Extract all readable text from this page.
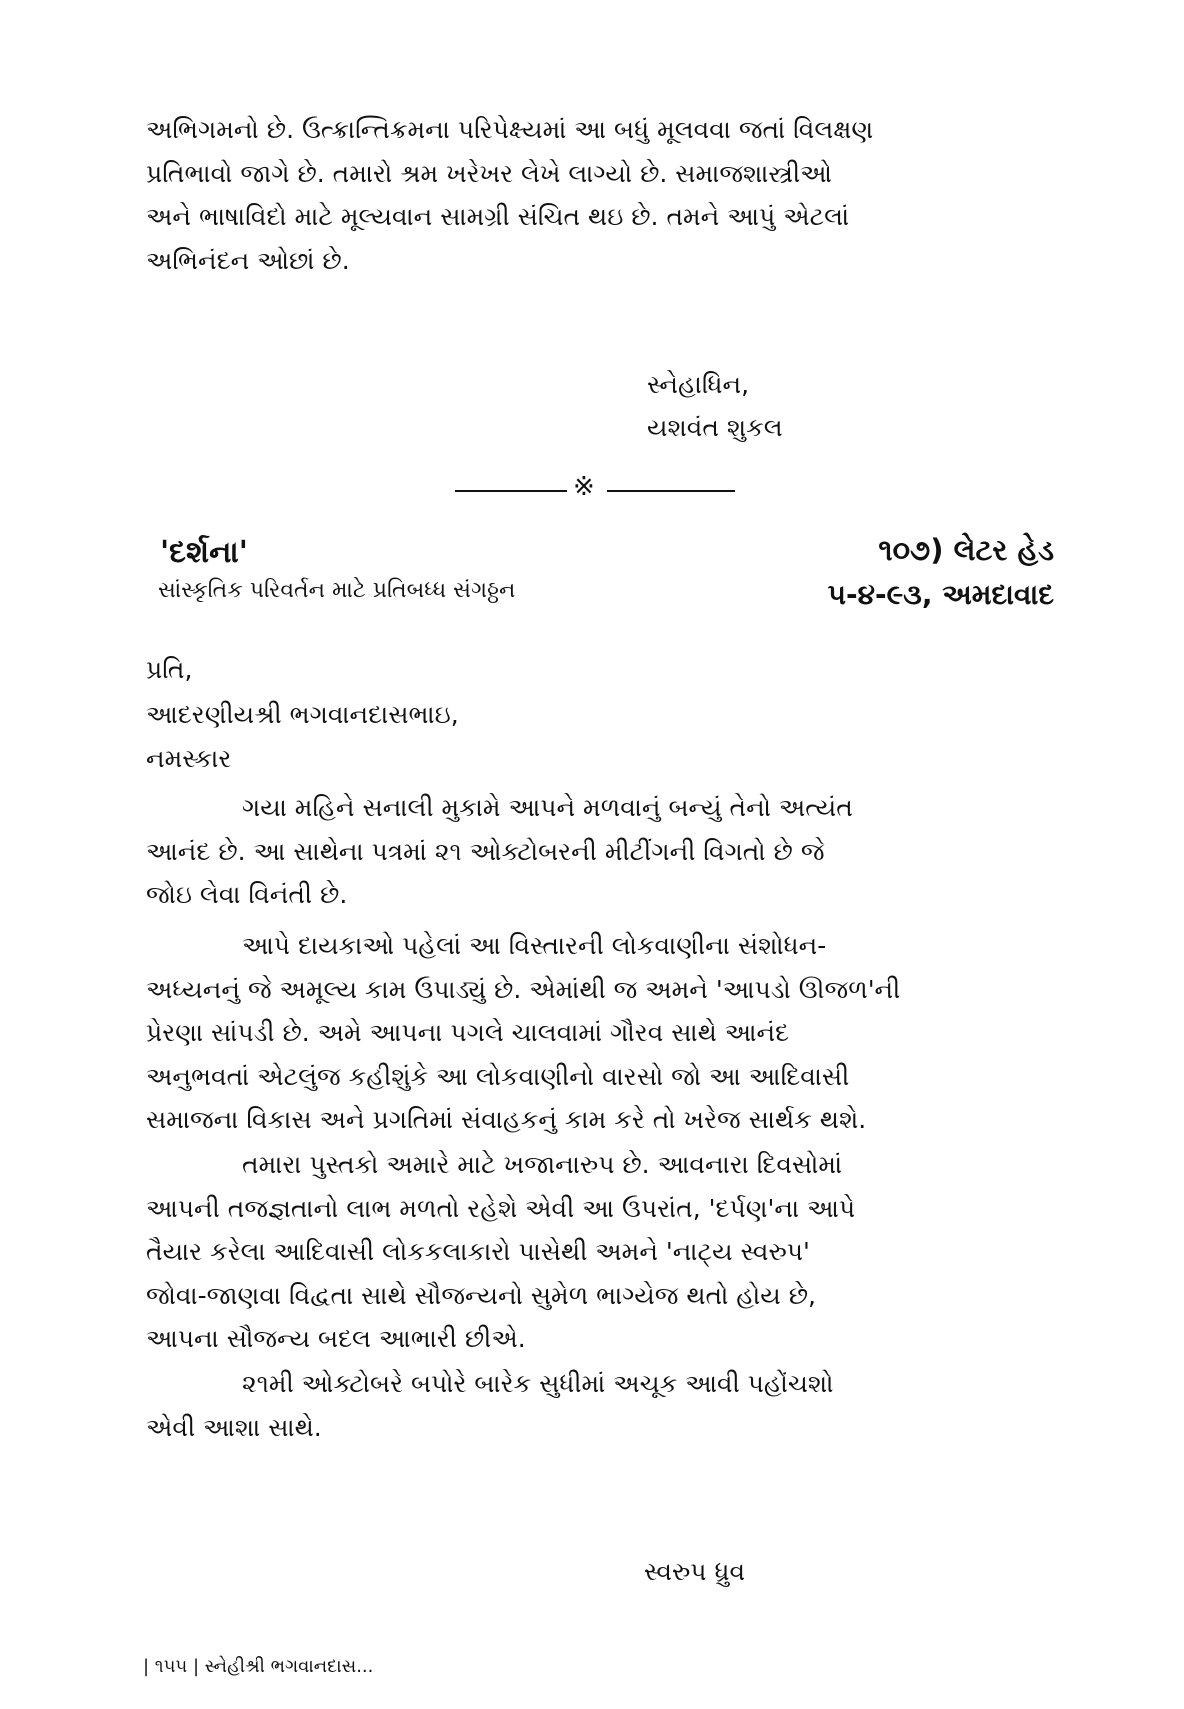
અભિગમનો છે. ઉત્ક્રાન્તિક્રમના પરિપેક્ષ્યમાં આ બધું મૂલવવા જતાં વિલક્ષણ
પ્રતિભાવો જાગે છે. તમારો શ્રમ ખરેખર લેખે લાગ્યો છે. સમાજશાસ્ત્રીઓ
અને ભાષાવિદો માટે મૂલ્યવાન સામગ્રી સંચિત થઇ છે. તમને આપું એટલાં
અભિનંદન ઓછાં છે.

સ્નેહાધિન,
યશવંત શુકલ
※
'દર્શના'
સાંસ્કૃતિક પરિવર્તન માટે પ્રતિબધ્ધ સંગઠ્ઠન
૧૦૭) લેટર હેડ
૫-૪-૯૩, અમદાવાદ
પ્રતિ,
આદરણીયશ્રી ભગવાનદાસભાઇ,
નમસ્કાર

ગયા મહિને સનાલી મુકામે આપને મળવાનું બન્યું તેનો અત્યંત
આનંદ છે. આ સાથેના પત્રમાં ૨૧ ઓક્ટોબરની મીટીંગની વિગતો છે જે
જોઇ લેવા વિનંતી છે.

આપે દાયકાઓ પહેલાં આ વિસ્તારની લોકવાણીના સંશોધન-
અધ્યનનું જે અમૂલ્ય કામ ઉપાડ્યું છે. એમાંથી જ અમને 'આપડો ઊજળ'ની
પ્રેરણા સાંપડી છે. અમે આપના પગલે ચાલવામાં ગૌરવ સાથે આનંદ
અનુભવતાં એટલુંજ કહીશુંકે આ લોકવાણીનો વારસો જો આ આદિવાસી
સમાજના વિકાસ અને પ્રગતિમાં સંવાહકનું કામ કરે તો ખરેજ સાર્થક થશે.

તમારા પુસ્તકો અમારે માટે ખજાનારુપ છે. આવનારા દિવસોમાં
આપની તજજ્ઞતાનો લાભ મળતો રહેશે એવી આ ઉપરાંત, 'દર્પણ'ના આપે
તૈયાર કરેલા આદિવાસી લોકકલાકારો પાસેથી અમને 'નાટ્ય સ્વરુપ'
જોવા-જાણવા વિદ્વતા સાથે સૌજન્યનો સુમેળ ભાગ્યેજ થતો હોય છે,
આપના સૌજન્ય બદલ આભારી છીએ.

૨૧મી ઓક્ટોબરે બપોરે બારેક સુધીમાં અચૂક આવી પહોંચશો
એવી આશા સાથે.

સ્વરુપ ધ્રુવ
| ૧૫૫ | સ્નેહીશ્રી ભગવાનદાસ...
